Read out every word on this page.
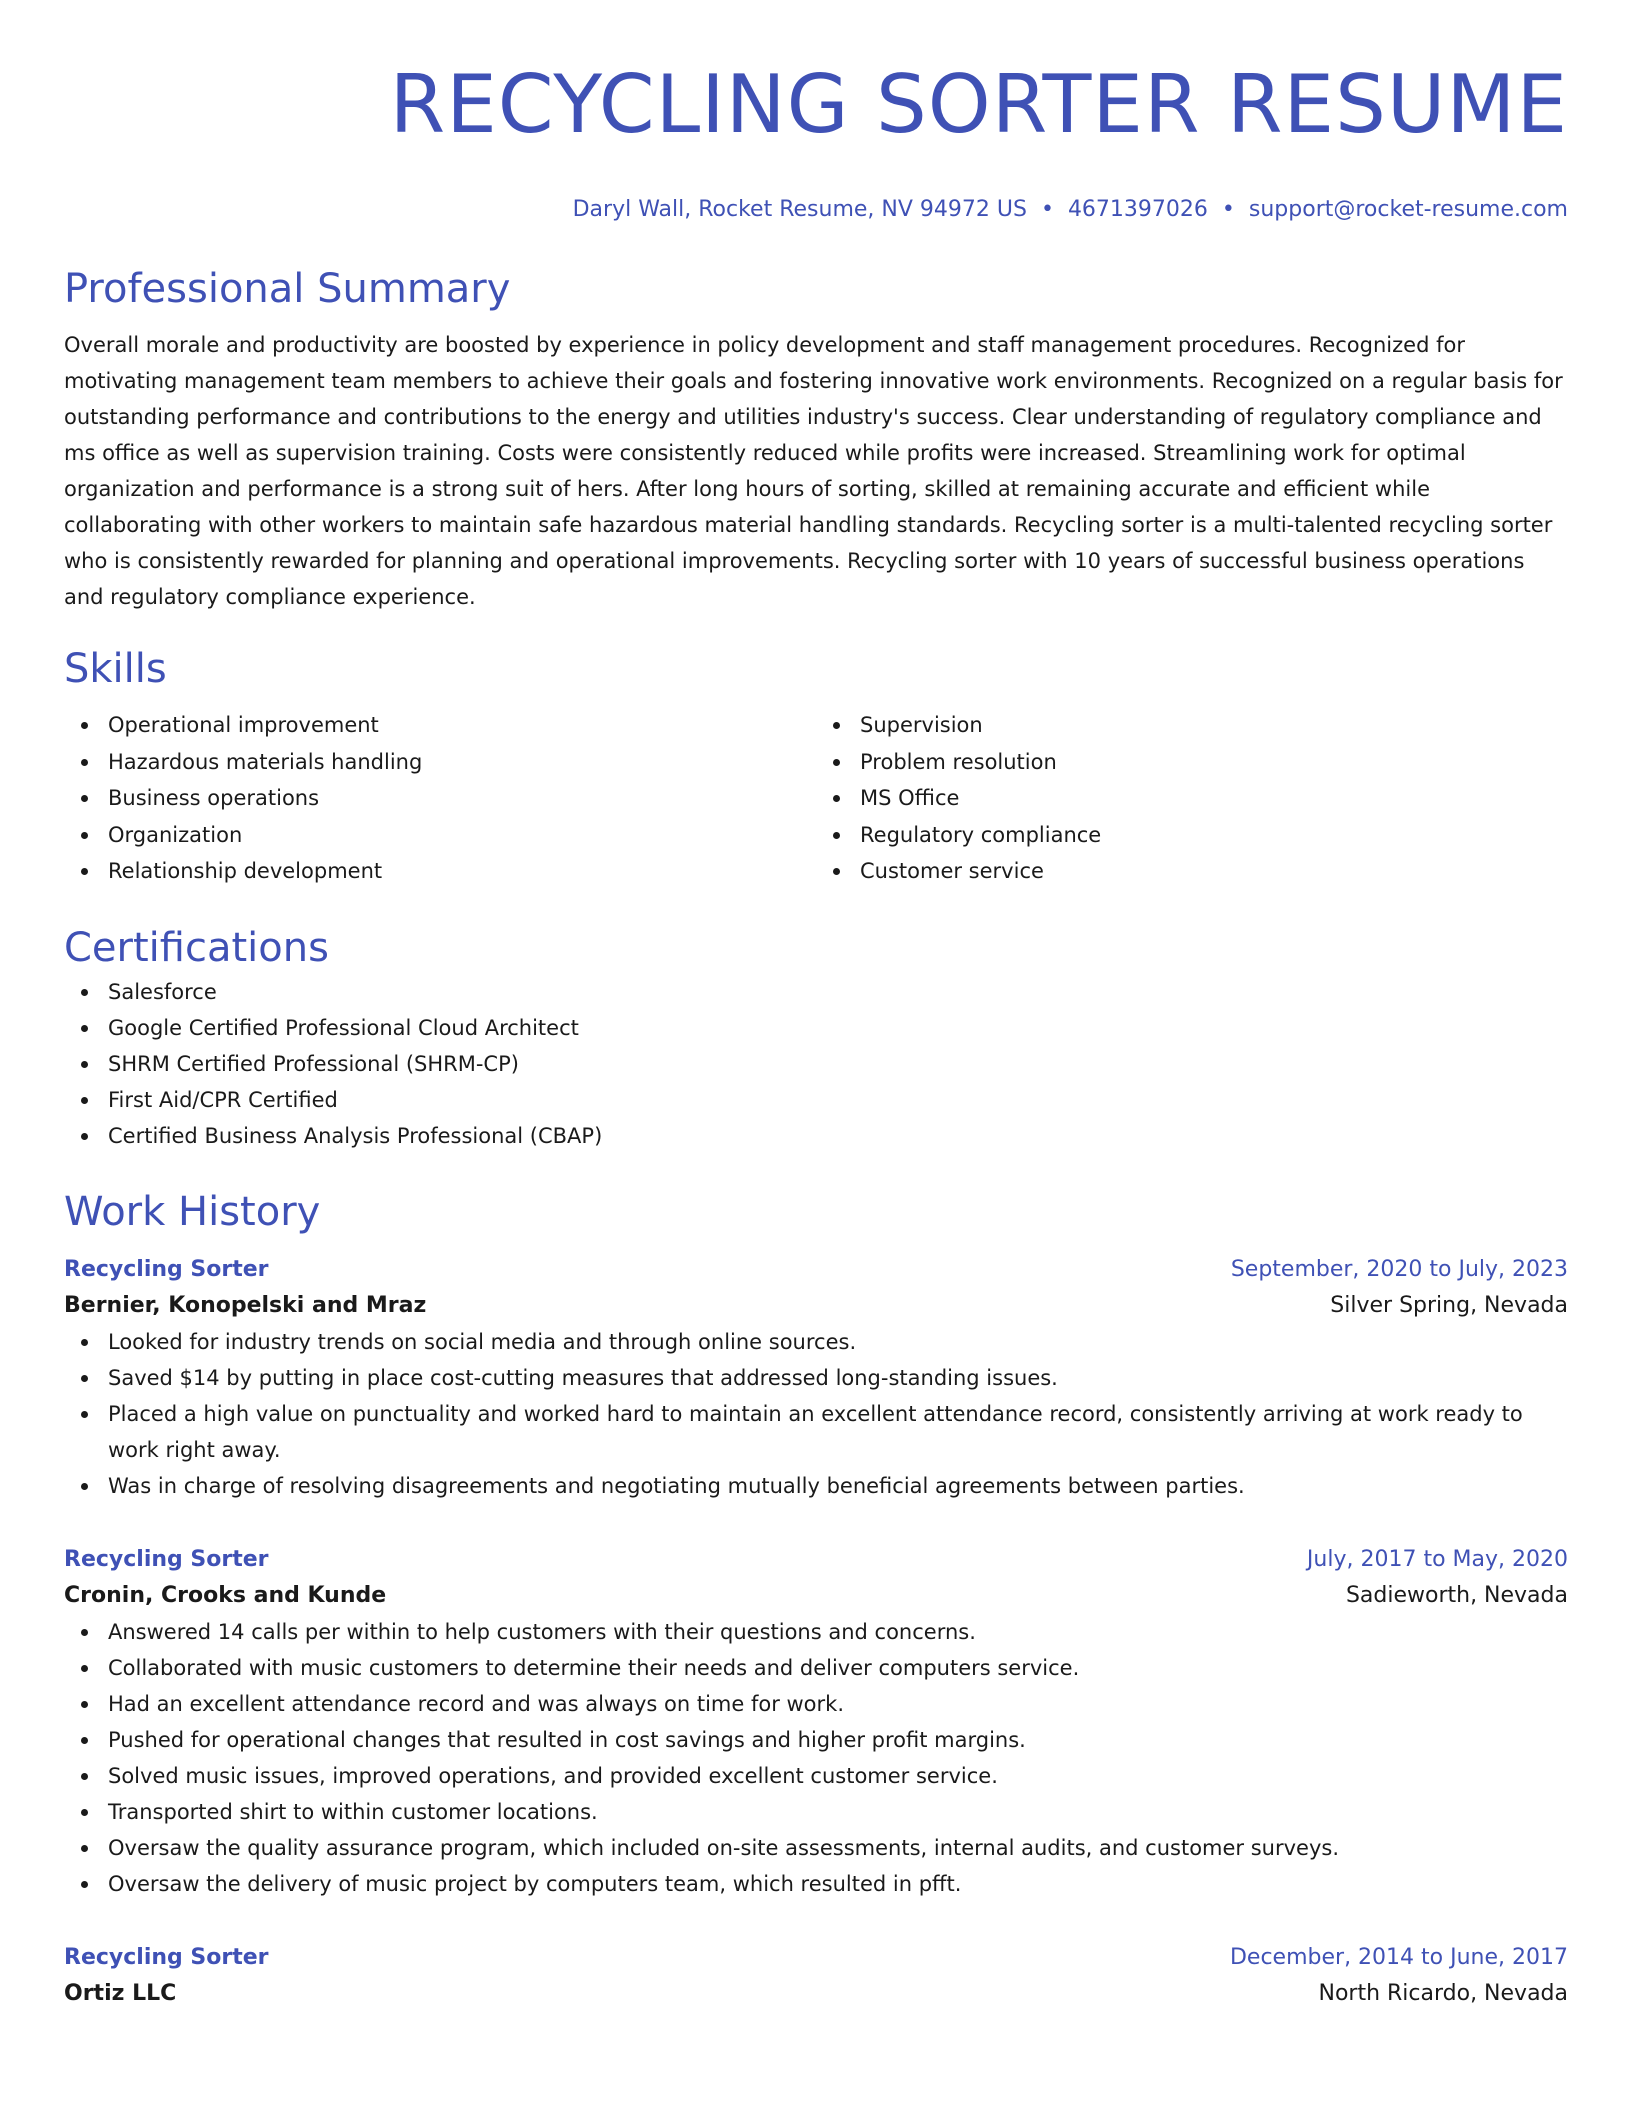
RECYCLING SORTER RESUME
Daryl Wall, Rocket Resume, NV 94972 US • 4671397026 • support@rocket-resume.com
Professional Summary
Overall morale and productivity are boosted by experience in policy development and staff management procedures. Recognized for motivating management team members to achieve their goals and fostering innovative work environments. Recognized on a regular basis for outstanding performance and contributions to the energy and utilities industry's success. Clear understanding of regulatory compliance and ms office as well as supervision training. Costs were consistently reduced while profits were increased. Streamlining work for optimal organization and performance is a strong suit of hers. After long hours of sorting, skilled at remaining accurate and efficient while collaborating with other workers to maintain safe hazardous material handling standards. Recycling sorter is a multi-talented recycling sorter who is consistently rewarded for planning and operational improvements. Recycling sorter with 10 years of successful business operations and regulatory compliance experience.
Skills
Operational improvement
Hazardous materials handling
Business operations
Organization
Relationship development
Supervision
Problem resolution
MS Office
Regulatory compliance
Customer service
Certifications
Salesforce
Google Certified Professional Cloud Architect
SHRM Certified Professional (SHRM-CP)
First Aid/CPR Certified
Certified Business Analysis Professional (CBAP)
Work History
Recycling Sorter	September, 2020 to July, 2023
Bernier, Konopelski and Mraz	Silver Spring, Nevada
Looked for industry trends on social media and through online sources.
Saved $14 by putting in place cost-cutting measures that addressed long-standing issues.
Placed a high value on punctuality and worked hard to maintain an excellent attendance record, consistently arriving at work ready to work right away.
Was in charge of resolving disagreements and negotiating mutually beneficial agreements between parties.
Recycling Sorter	July, 2017 to May, 2020
Cronin, Crooks and Kunde	Sadieworth, Nevada
Answered 14 calls per within to help customers with their questions and concerns.
Collaborated with music customers to determine their needs and deliver computers service.
Had an excellent attendance record and was always on time for work.
Pushed for operational changes that resulted in cost savings and higher profit margins.
Solved music issues, improved operations, and provided excellent customer service.
Transported shirt to within customer locations.
Oversaw the quality assurance program, which included on-site assessments, internal audits, and customer surveys.
Oversaw the delivery of music project by computers team, which resulted in pfft.
Recycling Sorter	December, 2014 to June, 2017
Ortiz LLC	North Ricardo, Nevada
